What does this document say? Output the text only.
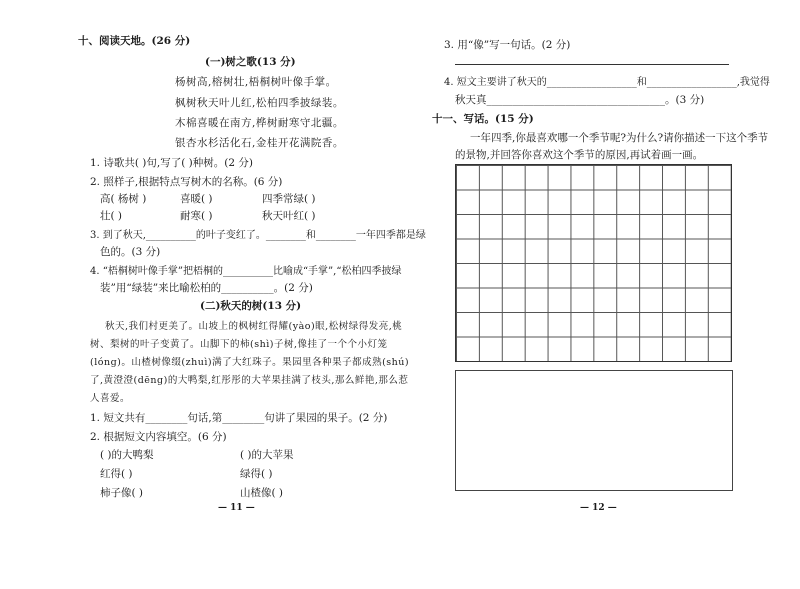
十、阅读天地。(26 分)
(一)树之歌(13 分)
杨树高,榕树壮,梧桐树叶像手掌。
枫树秋天叶儿红,松柏四季披绿装。
木棉喜暖在南方,桦树耐寒守北疆。
银杏水杉活化石,金桂开花满院香。
1. 诗歌共( )句,写了( )种树。(2 分)
2. 照样子,根据特点写树木的名称。(6 分)
高( 杨树 )	喜暖( )	四季常绿( )
壮( )	耐寒( )	秋天叶红( )
3. 到了秋天,__________的叶子变红了。________和________一年四季都是绿
色的。(3 分)
4. “梧桐树叶像手掌”把梧桐的__________比喻成“手掌”,“松柏四季披绿
装”用“绿装”来比喻松柏的__________。(2 分)
(二)秋天的树(13 分)
秋天,我们村更美了。山坡上的枫树红得耀(yào)眼,松树绿得发亮,桃
树、梨树的叶子变黄了。山脚下的柿(shì)子树,像挂了一个个小灯笼
(lóng)。山楂树像缀(zhuì)满了大红珠子。果园里各种果子都成熟(shú)
了,黄澄澄(dēng)的大鸭梨,红彤彤的大苹果挂满了枝头,那么鲜艳,那么惹
人喜爱。
1. 短文共有________句话,第________句讲了果园的果子。(2 分)
2. 根据短文内容填空。(6 分)
( )的大鸭梨	( )的大苹果
红得( )	绿得( )
柿子像( )	山楂像( )
— 11 —
3. 用“像”写一句话。(2 分)
4. 短文主要讲了秋天的__________________和__________________,我觉得
秋天真__________________________________。(3 分)
十一、写话。(15 分)
一年四季,你最喜欢哪一个季节呢?为什么?请你描述一下这个季节
的景物,并回答你喜欢这个季节的原因,再试着画一画。
— 12 —
